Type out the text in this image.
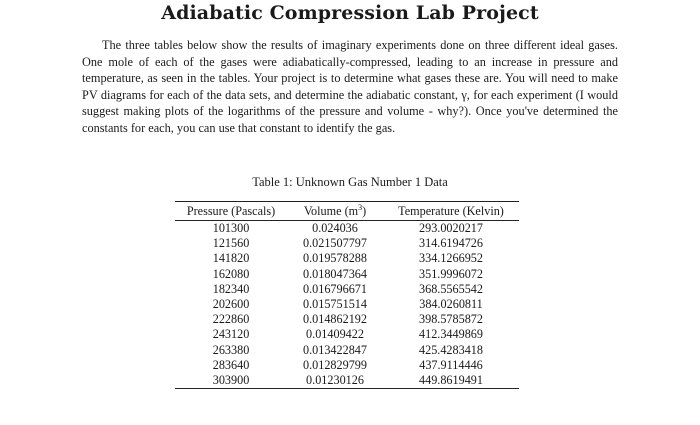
Adiabatic Compression Lab Project
The three tables below show the results of imaginary experiments done on three different ideal gases. One mole of each of the gases were adiabatically-compressed, leading to an increase in pressure and temperature, as seen in the tables. Your project is to determine what gases these are. You will need to make PV diagrams for each of the data sets, and determine the adiabatic constant, γ, for each experiment (I would suggest making plots of the logarithms of the pressure and volume - why?). Once you've determined the constants for each, you can use that constant to identify the gas.
Table 1: Unknown Gas Number 1 Data
Pressure (Pascals)	Volume $(m^3)$	Temperature (Kelvin)
101300	0.024036	293.0020217
121560	0.021507797	314.6194726
141820	0.019578288	334.1266952
162080	0.018047364	351.9996072
182340	0.016796671	368.5565542
202600	0.015751514	384.0260811
222860	0.014862192	398.5785872
243120	0.01409422	412.3449869
263380	0.013422847	425.4283418
283640	0.012829799	437.9114446
303900	0.01230126	449.8619491
